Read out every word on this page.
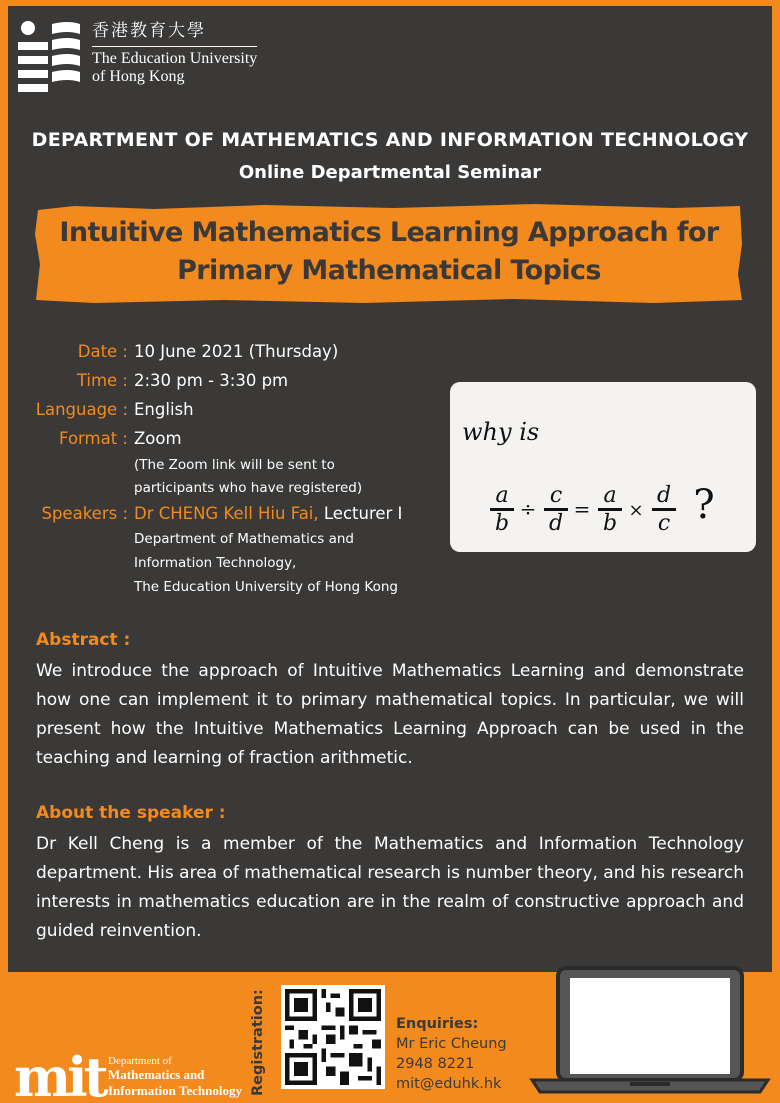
香港教育大學
The Education University
of Hong Kong
DEPARTMENT OF MATHEMATICS AND INFORMATION TECHNOLOGY
Online Departmental Seminar
Intuitive Mathematics Learning Approach for
Primary Mathematical Topics
Date : 10 June 2021 (Thursday)
Time : 2:30 pm - 3:30 pm
Language : English
Format : Zoom
(The Zoom link will be sent to
participants who have registered)
Speakers : Dr CHENG Kell Hiu Fai, Lecturer I
Department of Mathematics and
Information Technology,
The Education University of Hong Kong
why is
a
b
÷
c
d
=
a
b
×
d
c ?
Abstract :
We introduce the approach of Intuitive Mathematics Learning and demonstrate how one can implement it to primary mathematical topics. In particular, we will present how the Intuitive Mathematics Learning Approach can be used in the teaching and learning of fraction arithmetic.
About the speaker :
Dr Kell Cheng is a member of the Mathematics and Information Technology department. His area of mathematical research is number theory, and his research interests in mathematics education are in the realm of constructive approach and guided reinvention.
mit Department of
Mathematics and
Information Technology Registration:	Enquiries:
Mr Eric Cheung
2948 8221
mit@eduhk.hk
